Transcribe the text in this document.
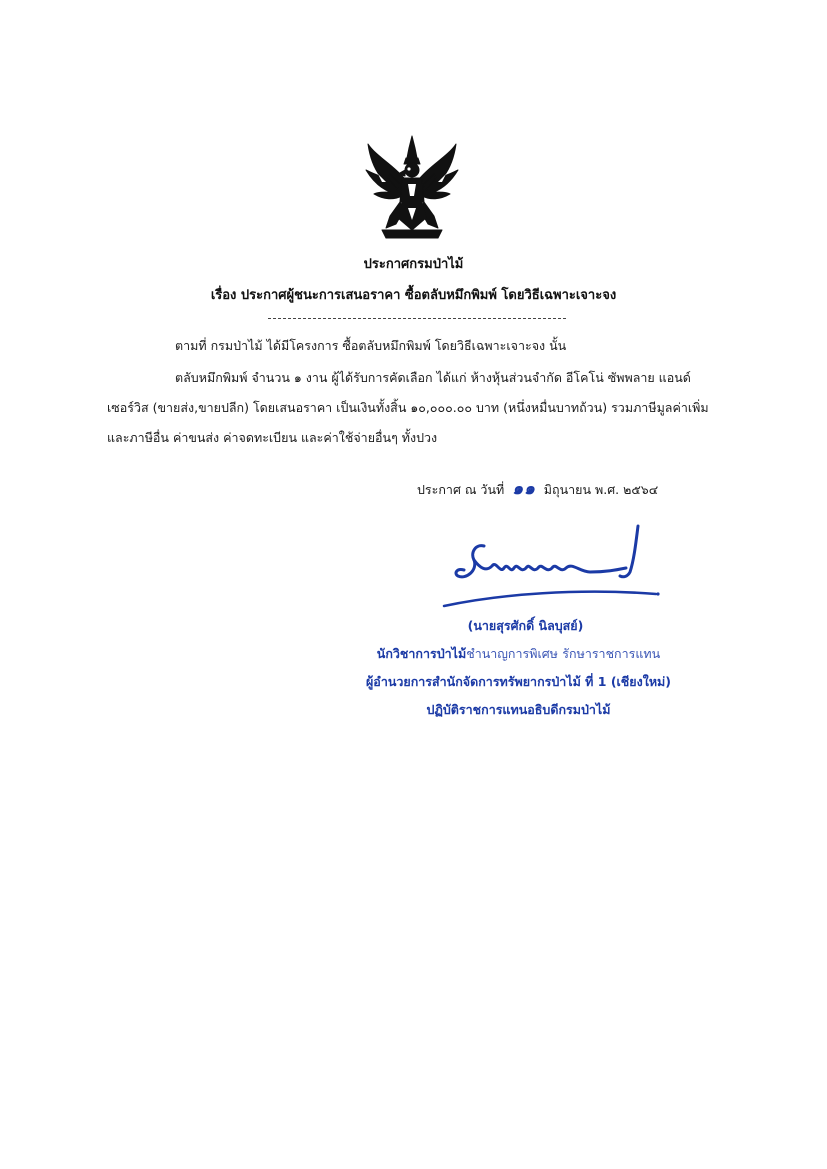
ประกาศกรมป่าไม้
เรื่อง ประกาศผู้ชนะการเสนอราคา ซื้อตลับหมึกพิมพ์ โดยวิธีเฉพาะเจาะจง
ตามที่ กรมป่าไม้ ได้มีโครงการ ซื้อตลับหมึกพิมพ์ โดยวิธีเฉพาะเจาะจง นั้น
ตลับหมึกพิมพ์ จำนวน ๑ งาน ผู้ได้รับการคัดเลือก ได้แก่ ห้างหุ้นส่วนจำกัด อีโคโน่ ซัพพลาย แอนด์
เซอร์วิส (ขายส่ง,ขายปลีก) โดยเสนอราคา เป็นเงินทั้งสิ้น ๑๐,๐๐๐.๐๐ บาท (หนึ่งหมื่นบาทถ้วน) รวมภาษีมูลค่าเพิ่ม
และภาษีอื่น ค่าขนส่ง ค่าจดทะเบียน และค่าใช้จ่ายอื่นๆ ทั้งปวง
ประกาศ ณ วันที่ ๑๑ มิถุนายน พ.ศ. ๒๕๖๔
(นายสุรศักดิ์ นิลบุสย์)
นักวิชาการป่าไม้ชำนาญการพิเศษ รักษาราชการแทน
ผู้อำนวยการสำนักจัดการทรัพยากรป่าไม้ ที่ 1 (เชียงใหม่)
ปฏิบัติราชการแทนอธิบดีกรมป่าไม้
